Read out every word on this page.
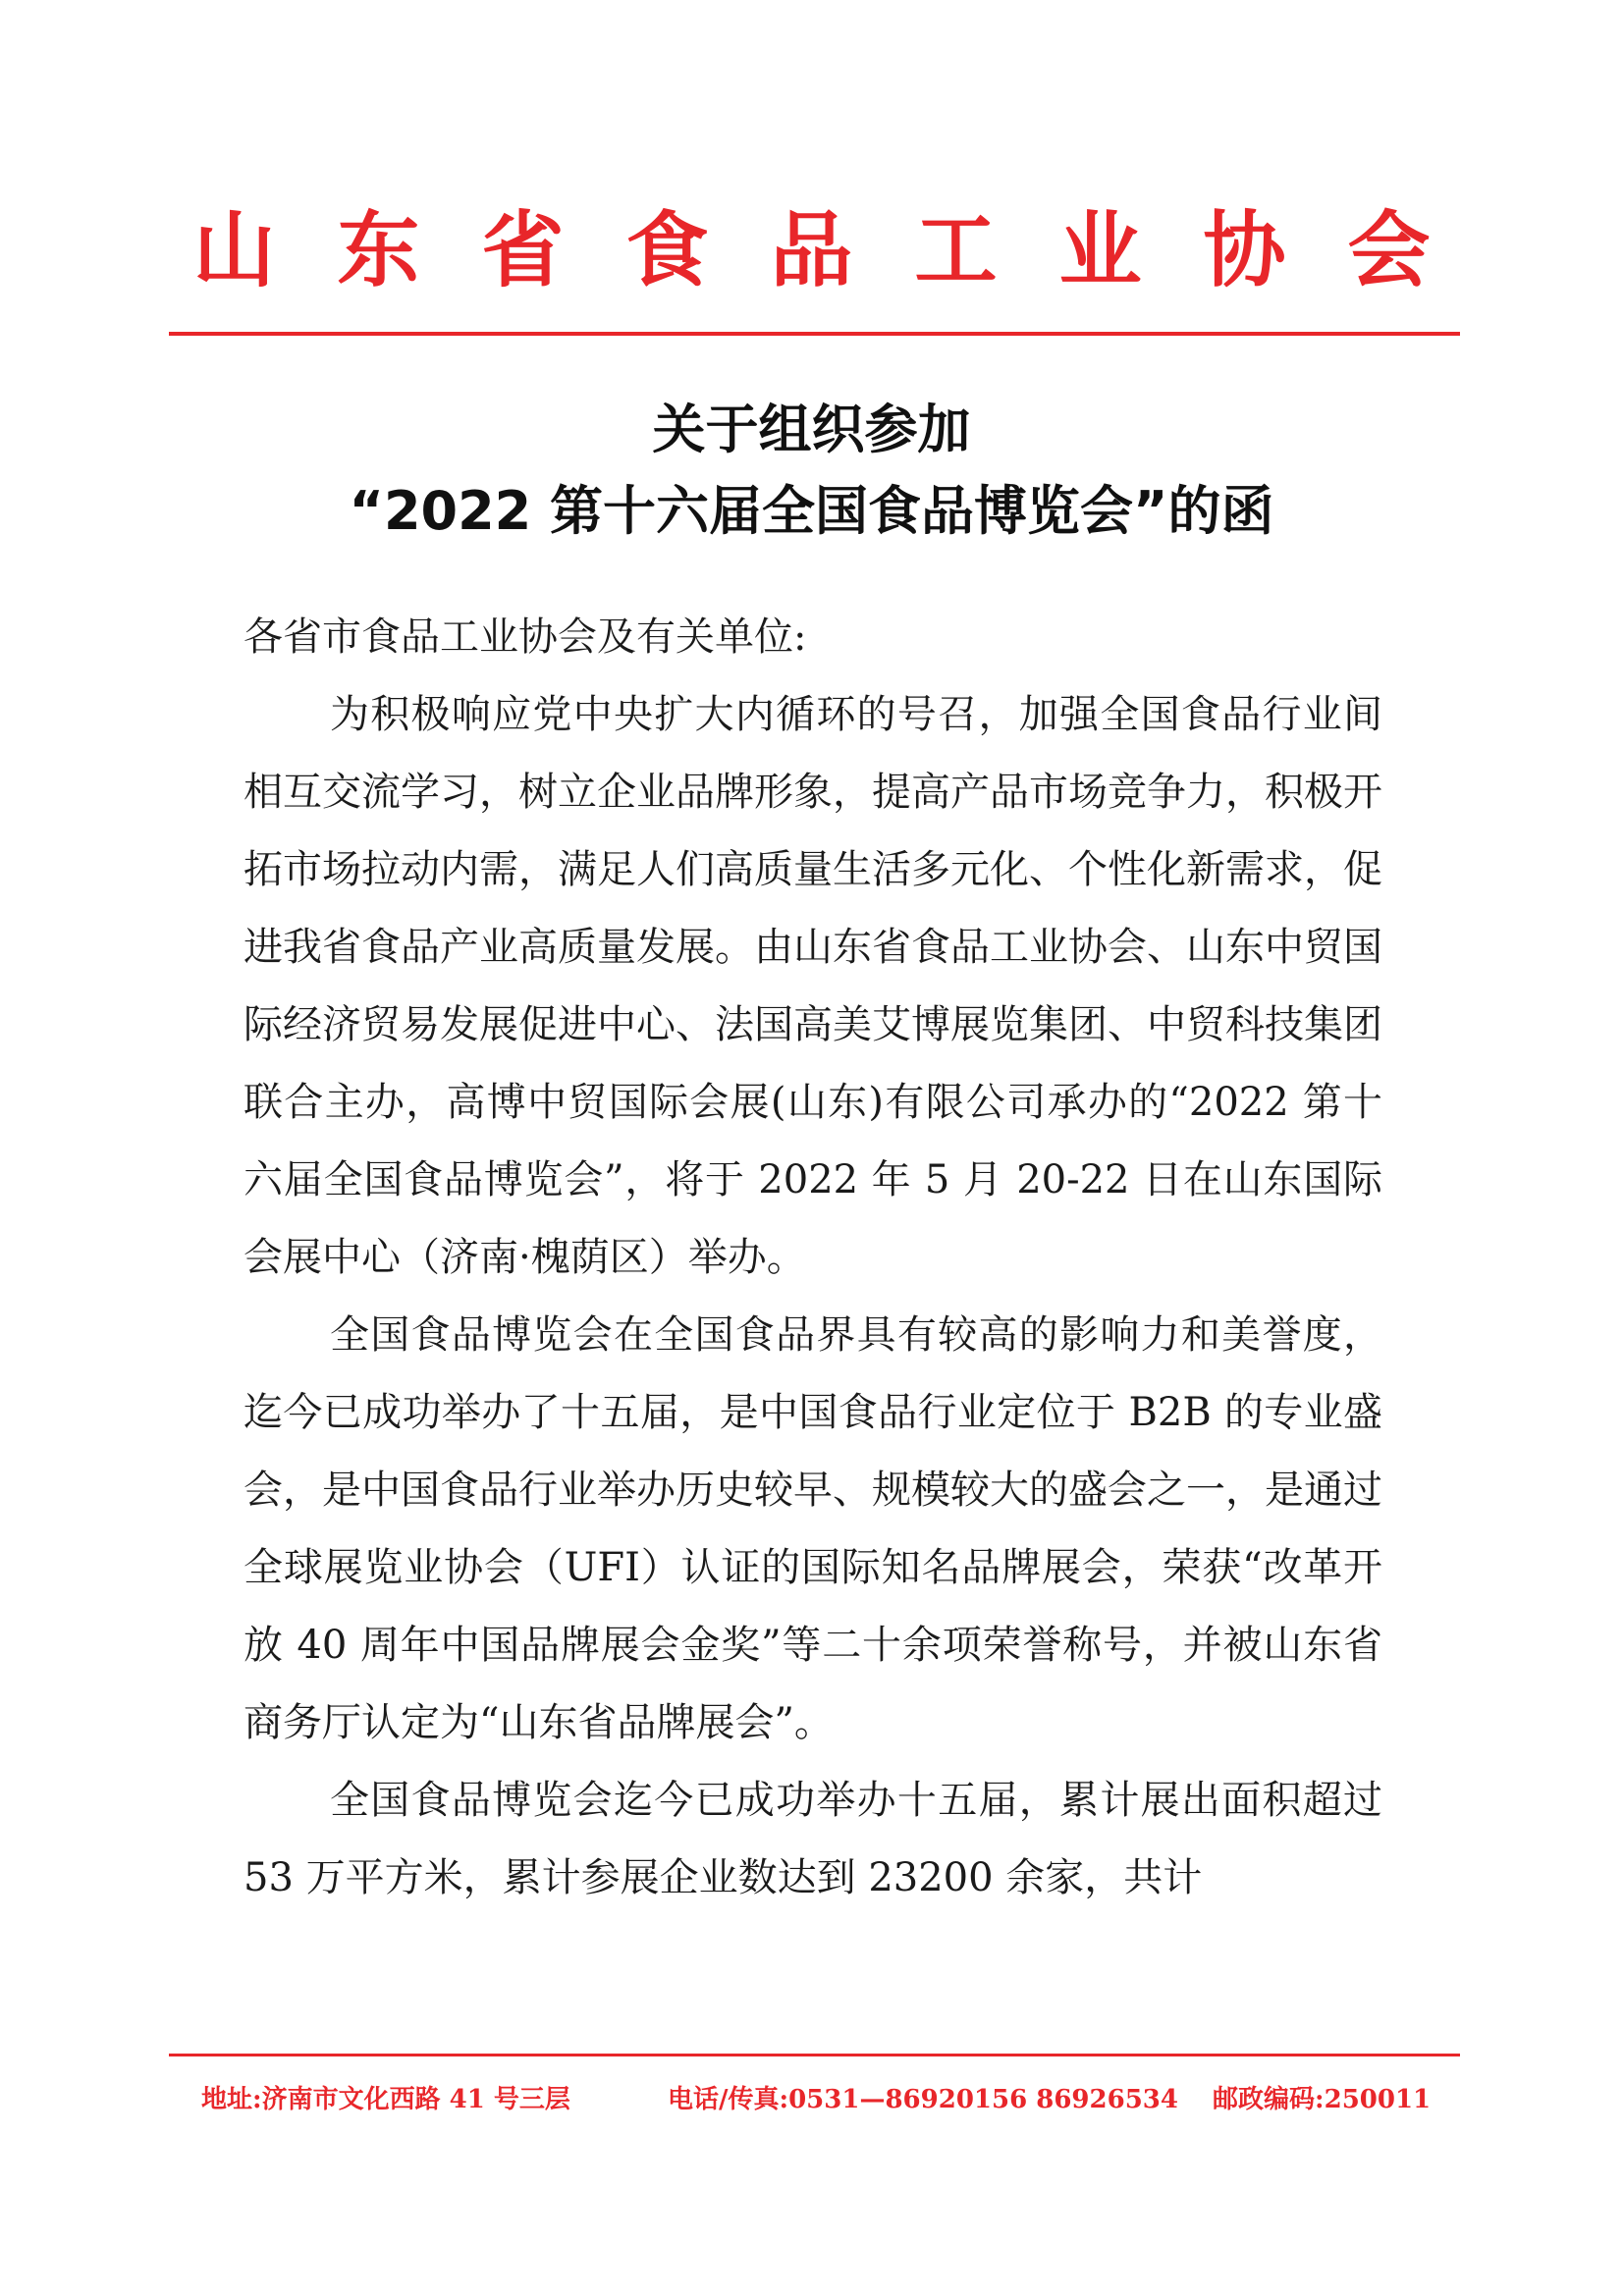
山东省食品工业协会
关于组织参加
“2022 第十六届全国食品博览会”的函

各省市食品工业协会及有关单位:

为积极响应党中央扩大内循环的号召，加强全国食品行业间相互交流学习，树立企业品牌形象，提高产品市场竞争力，积极开拓市场拉动内需，满足人们高质量生活多元化、个性化新需求，促进我省食品产业高质量发展。由山东省食品工业协会、山东中贸国际经济贸易发展促进中心、法国高美艾博展览集团、中贸科技集团联合主办，高博中贸国际会展(山东)有限公司承办的“2022 第十六届全国食品博览会”，将于 2022 年 5 月 20-22 日在山东国际会展中心（济南·槐荫区）举办。

全国食品博览会在全国食品界具有较高的影响力和美誉度，迄今已成功举办了十五届，是中国食品行业定位于 B2B 的专业盛会，是中国食品行业举办历史较早、规模较大的盛会之一，是通过全球展览业协会（UFI）认证的国际知名品牌展会，荣获“改革开放 40 周年中国品牌展会金奖”等二十余项荣誉称号，并被山东省商务厅认定为“山东省品牌展会”。

全国食品博览会迄今已成功举办十五届，累计展出面积超过 53 万平方米，累计参展企业数达到 23200 余家，共计

地址:济南市文化西路 41 号三层	电话/传真:0531—86920156 86926534 邮政编码:250011
